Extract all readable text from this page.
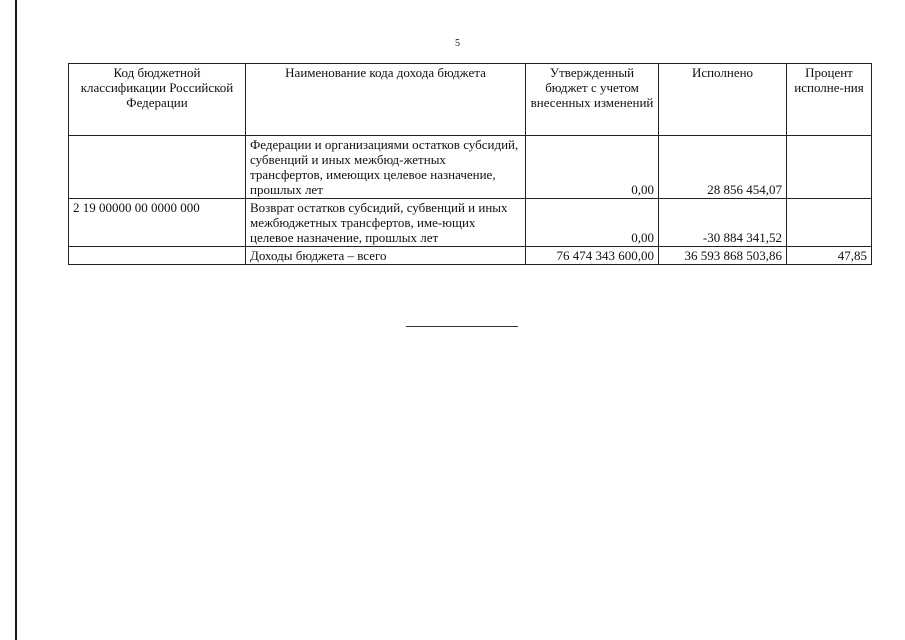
5
Код бюджетной классификации Российской Федерации	Наименование кода дохода бюджета	Утвержденный бюджет с учетом внесенных изменений	Исполнено	Процент исполне-ния
	Федерации и организациями остатков субсидий, субвенций и иных межбюд-жетных трансфертов, имеющих целевое назначение, прошлых лет	0,00	28 856 454,07	
2 19 00000 00 0000 000	Возврат остатков субсидий, субвенций и иных межбюджетных трансфертов, име-ющих целевое назначение, прошлых лет	0,00	-30 884 341,52	
	Доходы бюджета – всего	76 474 343 600,00	36 593 868 503,86	47,85
